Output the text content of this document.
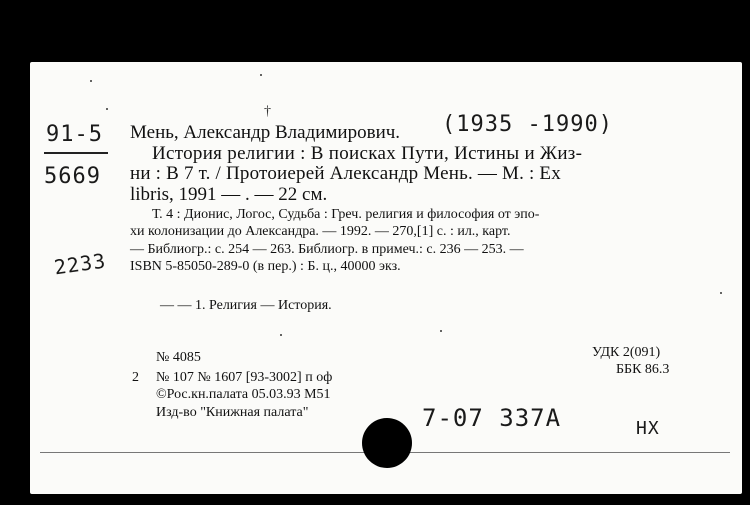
91-5
5669
2233
Мень, Александр Владимирович. (1935 -1990)
История религии : В поисках Пути, Истины и Жиз-
ни : В 7 т. / Протоиерей Александр Мень. — М. : Ex
libris, 1991 — . — 22 см.
Т. 4 : Дионис, Логос, Судьба : Греч. религия и философия от эпо-
хи колонизации до Александра. — 1992. — 270,[1] с. : ил., карт.
— Библиогр.: с. 254 — 263. Библиогр. в примеч.: с. 236 — 253. —
ISBN 5-85050-289-0 (в пер.) : Б. ц., 40000 экз.
— — 1. Религия — История.
№ 4085
2 № 107 № 1607 [93-3002] п оф
©Рос.кн.палата 05.03.93 М51
Изд-во "Книжная палата"
УДК 2(091)
ББК 86.3
7-07 337А	НХ
†
